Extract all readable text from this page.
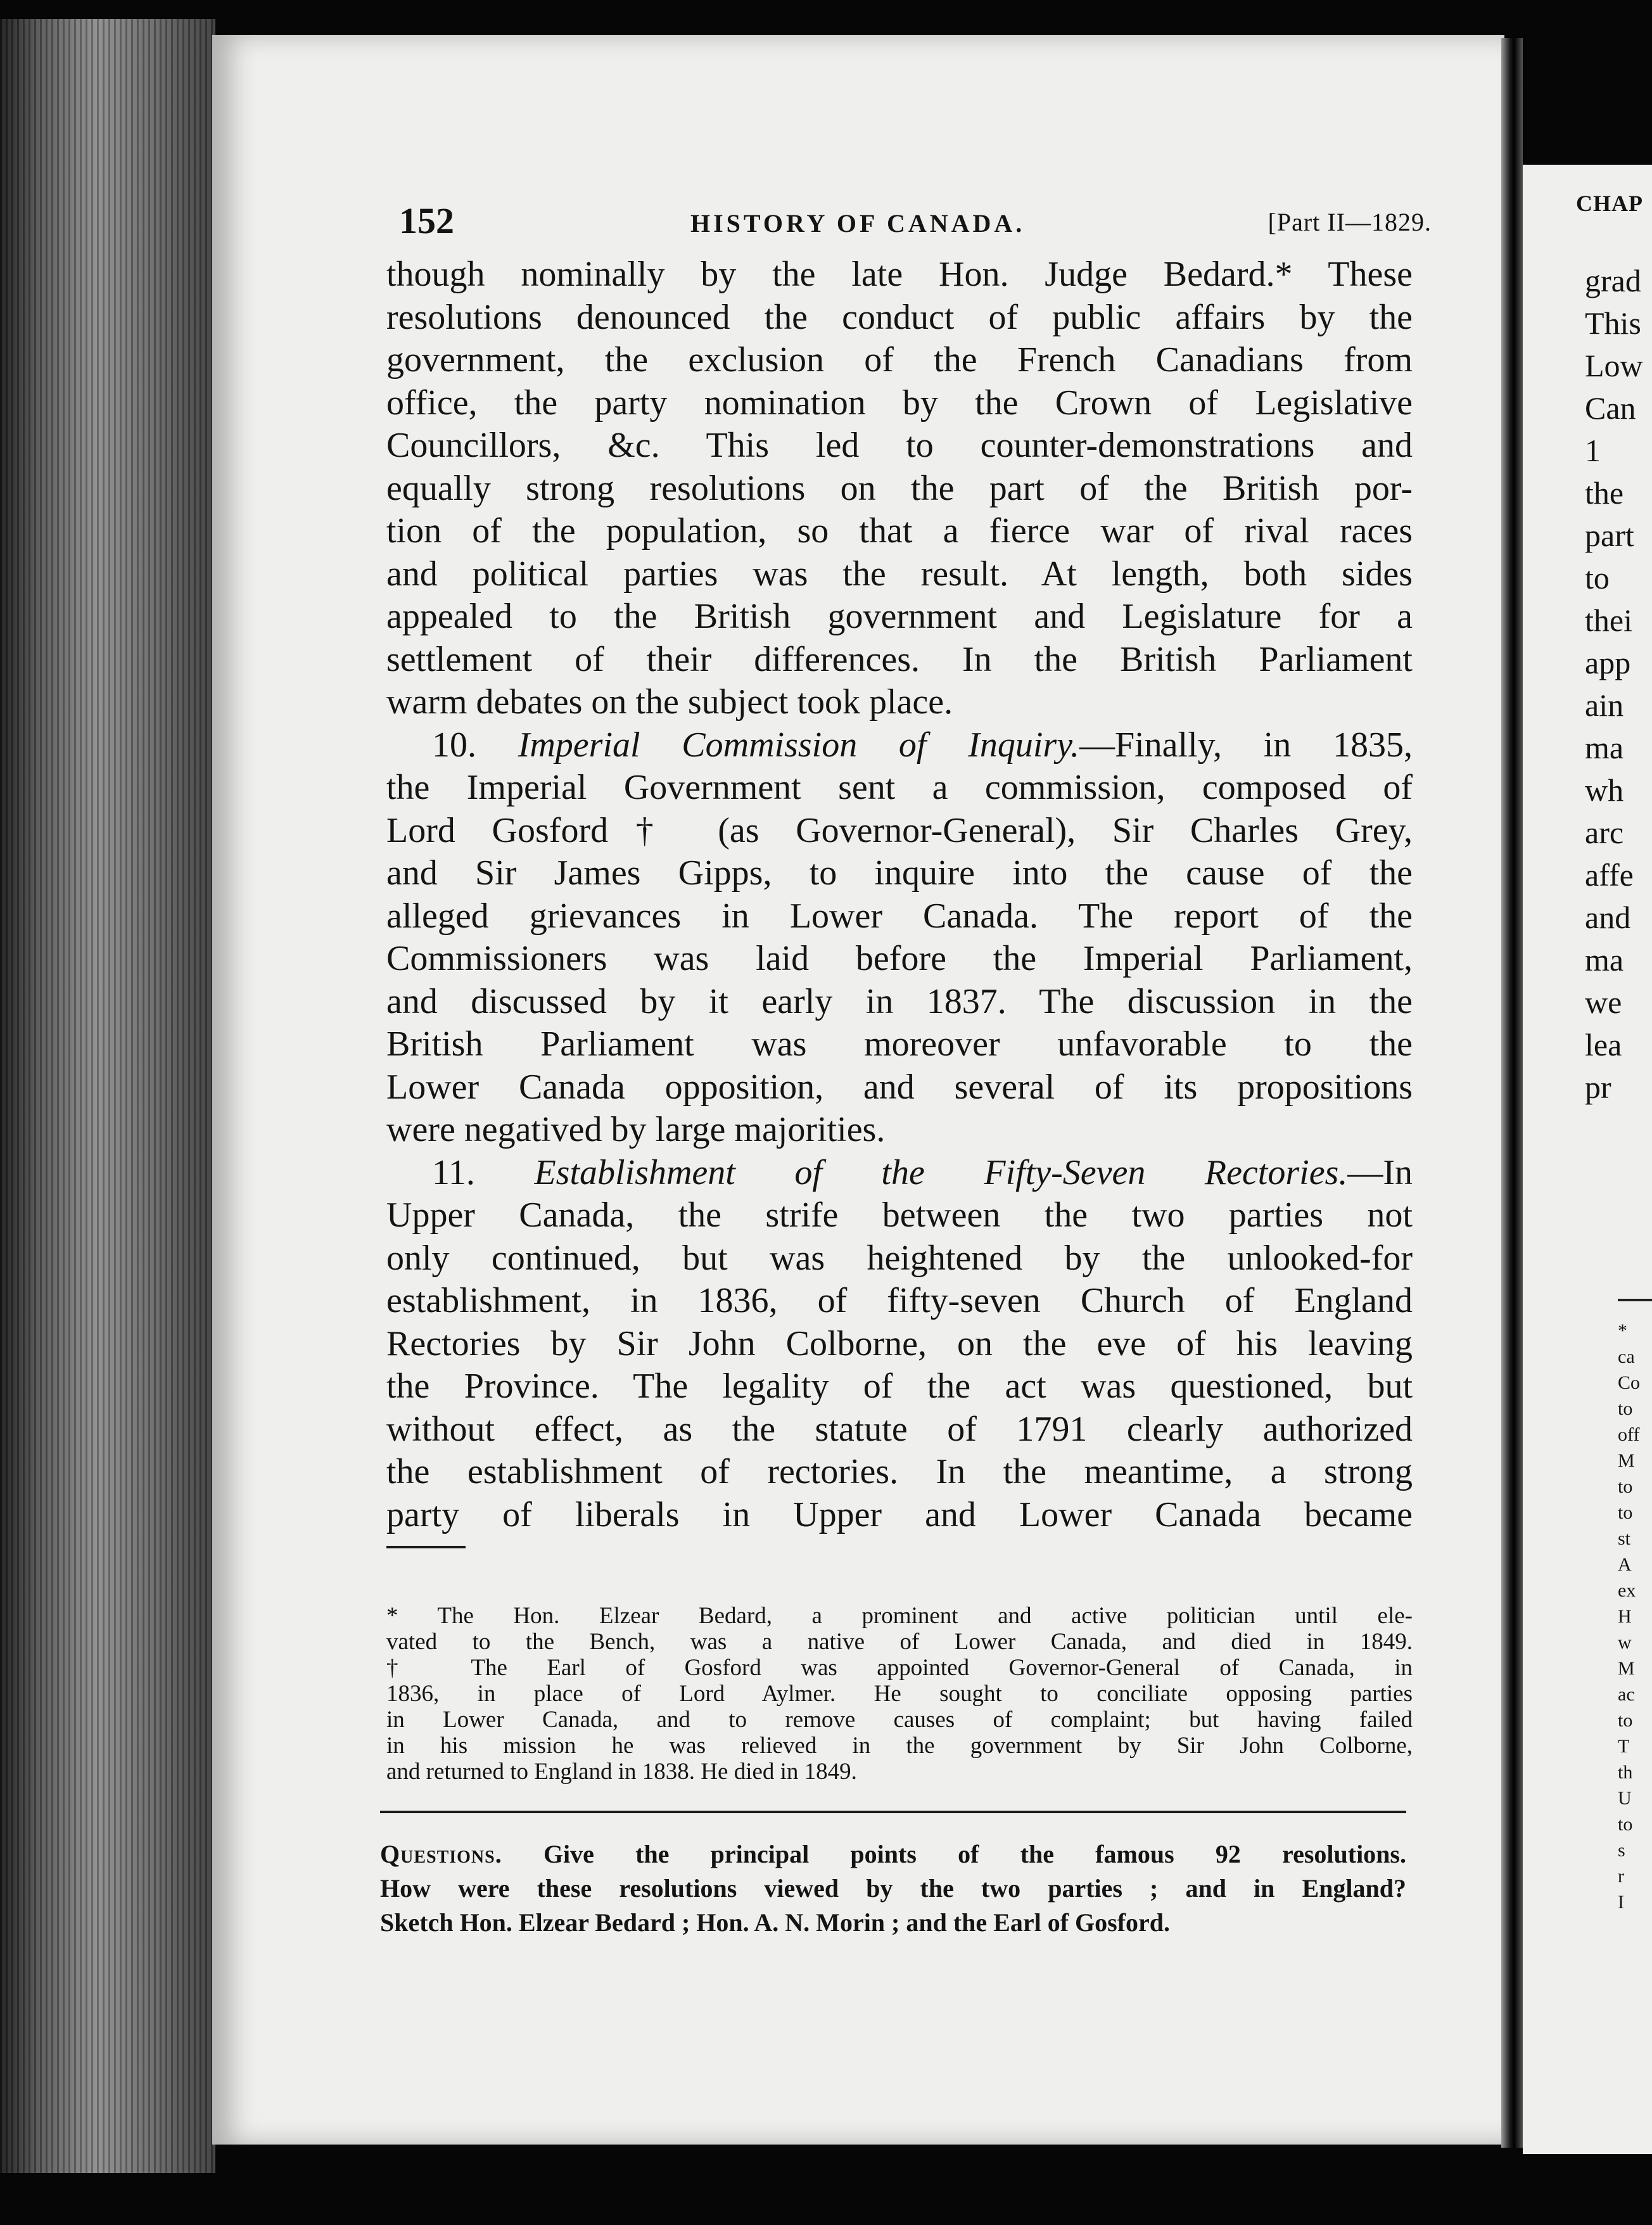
CHAP
grad
This
Low
Can
1
the
part
to
thei
app
ain
ma
wh
arc
affe
and
ma
we
lea
pr
*
ca
Co
to
off
M
to
to
st
A
ex
H
w
M
ac
to
T
th
U
to
s
r
I
152	HISTORY OF CANADA.	[Part II—1829.
though nominally by the late Hon. Judge Bedard.* These
resolutions denounced the conduct of public affairs by the
government, the exclusion of the French Canadians from
office, the party nomination by the Crown of Legislative
Councillors, &c. This led to counter-demonstrations and
equally strong resolutions on the part of the British por-
tion of the population, so that a fierce war of rival races
and political parties was the result. At length, both sides
appealed to the British government and Legislature for a
settlement of their differences. In the British Parliament
warm debates on the subject took place.
10. Imperial Commission of Inquiry.—Finally, in 1835,
the Imperial Government sent a commission, composed of
Lord Gosford† (as Governor-General), Sir Charles Grey,
and Sir James Gipps, to inquire into the cause of the
alleged grievances in Lower Canada. The report of the
Commissioners was laid before the Imperial Parliament,
and discussed by it early in 1837. The discussion in the
British Parliament was moreover unfavorable to the
Lower Canada opposition, and several of its propositions
were negatived by large majorities.
11. Establishment of the Fifty-Seven Rectories.—In
Upper Canada, the strife between the two parties not
only continued, but was heightened by the unlooked-for
establishment, in 1836, of fifty-seven Church of England
Rectories by Sir John Colborne, on the eve of his leaving
the Province. The legality of the act was questioned, but
without effect, as the statute of 1791 clearly authorized
the establishment of rectories. In the meantime, a strong
party of liberals in Upper and Lower Canada became
* The Hon. Elzear Bedard, a prominent and active politician until ele-
vated to the Bench, was a native of Lower Canada, and died in 1849.
† The Earl of Gosford was appointed Governor-General of Canada, in
1836, in place of Lord Aylmer. He sought to conciliate opposing parties
in Lower Canada, and to remove causes of complaint; but having failed
in his mission he was relieved in the government by Sir John Colborne,
and returned to England in 1838. He died in 1849.
Questions. Give the principal points of the famous 92 resolutions.
How were these resolutions viewed by the two parties ; and in England?
Sketch Hon. Elzear Bedard ; Hon. A. N. Morin ; and the Earl of Gosford.
